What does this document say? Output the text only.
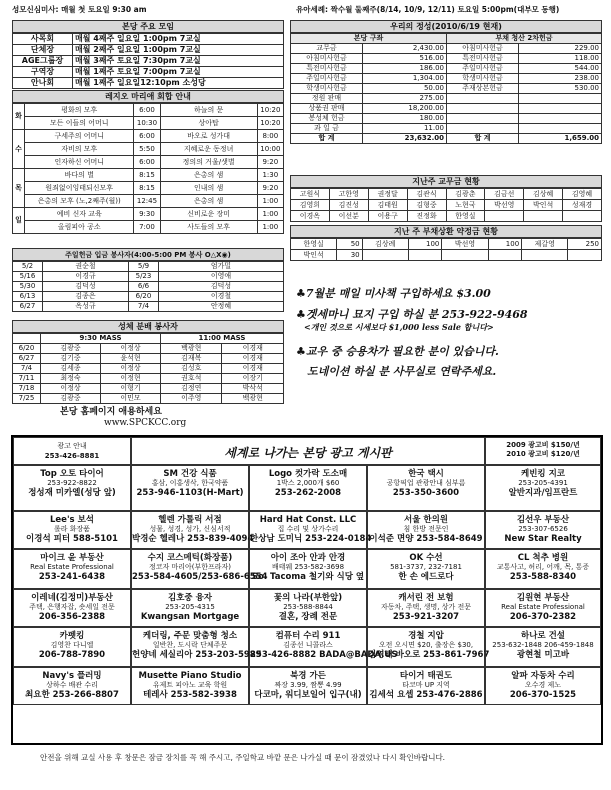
성모신심미사: 매월 첫 토요일 9:30 am	유아세례: 짝수월 둘째주(8/14, 10/9, 12/11) 토요일 5:00pm(대부모 동행)
본당 주요 모임
사목회	매월 4째주 일요일 1:00pm 7교실
단체장	매월 2째주 일요일 1:00pm 7교실
AGE그룹장	매월 3째주 토요일 7:30pm 7교실
구역장	매월 1째주 토요일 7:00pm 7교실
안나회	매월 1째주 일요일12:10pm 소성당
레지오 마리애 회합 안내
화	평화의 모후	6:00	하늘의 문	10:20
	모든 이들의 어머니	10:30	상아탑	10:20
수	구세주의 어머니	6:00	바오로 성가대	8:00
	자비의 모후	5:50	지혜로운 동정녀	10:00
	인자하신 어머니	6:00	정의의 거울/샛별	9:20
목	바다의 별	8:15	은총의 샘	1:30
	원죄없이잉태되신모후	8:15	인내의 샘	9:20
	은총의 모후 (노,2째주(월))	12:45	은총의 샘	1:00
일	예비 신자 교육	9:30	신비로운 장미	1:00
	올림피아 공소	7:00	사도들의 모후	1:00
주일헌금 입금 봉사자(4:00-5:00 PM 봉사 O△X◉)
5/2	권순철	5/9	엄가밀
5/16	이경규	5/23	이영애
5/30	김덕성	6/6	김덕성
6/13	김종은	6/20	이경철
6/27	옥성규	7/4	안정혜
성체 분배 봉사자
	9:30 MASS		11:00 MASS	
6/20	김광중	이정상	백광현	이경재
6/27	김기중	윤석현	김재복	이경재
7/4	김세종	이정상	김성호	이경재
7/11	최정숙	이정현	권호석	이장기
7/18	이정상	이형기	김정연	박삭석
7/25	김광중	이민모	이주영	백광현
본당 홈페이지 애용하세요
www.SPCKCC.org
우리의 정성(2010/6/19 현재)
본당 구좌		부채 청산 2차헌금	
교무금	2,430.00	아침미사헌금	229.00
아침미사헌금	516.00	특전미사헌금	118.00
특전미사헌금	186.00	주일미사헌금	544.00
주일미사헌금	1,304.00	학생미사헌금	238.00
학생미사헌금	50.00	주재상본헌금	530.00
정원 판매	275.00		
상품권 판매	18,200.00		
봉성체 헌금	180.00		
과 일 금	11.00		
합 계	23,632.00	합 계	1,659.00
지난주 교무금 현황
고원식	고한영	권정달	김관식	김광춘	김금선	김상혜	김영혜
김영희	김진성	김태원	김형중	노현국	박선영	박인석	성재경
이경옥	이선분	이용구	진정화	한영실			
지난 주 부채상환 약정금 현황
한영실	50	김상례	100	박선영	100	제갈영	250
박인석	30						
♣7월분 매일 미사책 구입하세요 $3.00
♣겟세마니 묘지 구입 하실 분 253-922-9468
<개인 것으로 시세보다 $1,000 less Sale 합니다>
♣교우 중 승용차가 필요한 분이 있습니다.
도네이션 하실 분 사무실로 연락주세요.
광고 안내
253-426-8881	세계로 나가는 본당 광고 게시판
2009 광고비 $150/년
2010 광고비 $120/년
Top 오토 타이어
253-922-8822
정성재 미카엘(성당 앞)
SM 건강 식품
홍삼, 이홍생삭, 한국약품
253-946-1103(H-Mart)
Logo 컷가락 도소매
1박스 2,000개 $60
253-262-2008
한국 택시
공항픽업 관광안내 심부름
253-350-3600
케빈킹 지코
253-205-4391
알반지과/임프란트
Lee's 보석
롤라 화장품
이경석 피터 588-5101
헬렌 가톨릭 서점
성물, 성경, 성가, 신심서적
박경순 헬레나 253-839-4094
Hard Hat Const. LLC
집 수리 및 상가수리
한상남 도미닉 253-224-0184
서울 한의원
침 한방 전문인
이석준 면양 253-584-8649
김선우 부동산
253-307-6526
New Star Realty
마이크 윤 부동산
Real Estate Professional
253-241-6438
수지 코스메틱(화장품)
정코자 마리아(부한프라자)
253-584-4605/253-686-6554
아이 조아 안과 안경
배태웨 253-582-3698
So. Tacoma 철기와 식당 옆
OK 수선
581-3737, 232-7181
한 손 에드로다
CL 척추 병원
교통사고, 허리, 어깨, 목, 통증
253-588-8340
이레네(김정미)부동산
주택, 은행자잡, 숏세일 전문
206-356-2388
김호중 융자
253-205-4315
Kwangsan Mortgage
꽃의 나라(부한앞)
253-588-8844
결혼, 장례 전문
캐서린 전 보험
자동차, 주택, 생명, 상가 전문
253-921-3207
김원현 부동산
Real Estate Professional
206-370-2382
카펫킹
김영찬 다니엘
206-788-7890
케더링, 주문 맞춤형 청소
일반찬, 도시락 단체주문
헌양네 세실리아 253-203-5989
컴퓨터 수리 911
김종선 니콜라스
253-426-8882 BADA@BADA.US
경철 지압
오전 오시면 $20, 출장은 $30,
김영배 바오로 253-861-7967
하나로 건설
253-632-1848 206-459-1848
광현철 미고바
Navy's 플러밍
상하수 배관 수리
최요한 253-266-8807
Musette Piano Studio
유제트 피아노 교육 학원
테레사 253-582-3938
북경 가든
짜장 3.99, 짬뽕 4.99
다코마, 워디보일어 입구(내)
타이거 태권도
타코마 UP 지역
김세석 요셉 253-476-2886
알파 자동차 수리
오수경 제노
206-370-1525
안전을 위해 교실 사용 후 창문은 잠금 장치를 꼭 해 주시고, 주일학교 바깥 문은 나가실 때 문이 잠겼었나 다시 확인바랍니다.
